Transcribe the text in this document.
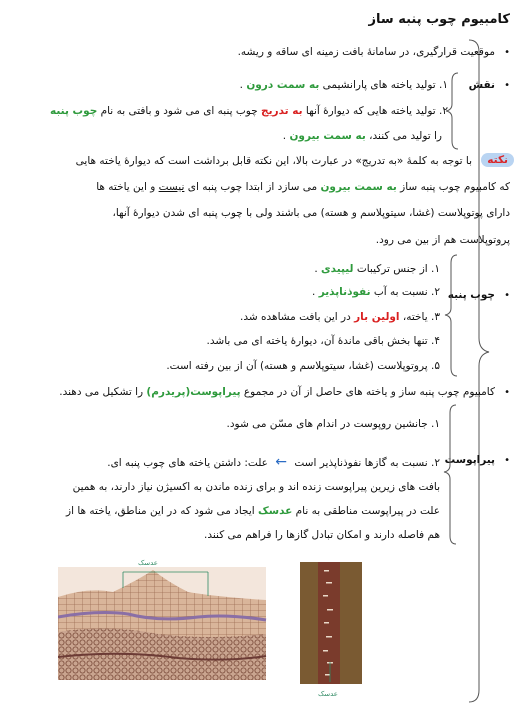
کامبیوم چوب پنبه ساز
•
موقعیت قرارگیری، در سامانهٔ بافت زمینه ای ساقه و ریشه.
•
نقش
١. تولید یاخته های پارانشیمی به سمت درون .
٢. تولید یاخته هایی که دیوارهٔ آنها به تدریج چوب پنبه ای می شود و بافتی به نام چوب پنبه
را تولید می کنند، به سمت بیرون .
نکته
با توجه به کلمهٔ «به تدریج» در عبارت بالا، این نکته قابل برداشت است که دیوارهٔ یاخته هایی
که کامبیوم چوب پنبه ساز به سمت بیرون می سازد از ابتدا چوب پنبه ای نیست و این یاخته ها
دارای پوتوپلاست (غشا، سیتوپلاسم و هسته) می باشند ولی با چوب پنبه ای شدن دیوارهٔ آنها،
پروتوپلاست هم از بین می رود.
•
چوب پنبه
١. از جنس ترکیبات لیپیدی .
٢. نسبت به آب نفوذناپذیر .
٣. یاخته، اولین بار در این بافت مشاهده شد.
۴. تنها بخش باقی ماندهٔ آن، دیوارهٔ یاخته ای می باشد.
۵. پروتوپلاست (غشا، سیتوپلاسم و هسته) آن از بین رفته است.
•
کامبیوم چوب پنبه ساز و یاخته های حاصل از آن در مجموع پیراپوست(پریدرم) را تشکیل می دهند.
•
پیراپوست
١. جانشین روپوست در اندام های مسّن می شود.
٢. نسبت به گازها نفوذناپذیر است ← علت: داشتن یاخته های چوب پنبه ای.
بافت های زیرین پیراپوست زنده اند و برای زنده ماندن به اکسیژن نیاز دارند، به همین
علت در پیراپوست مناطقی به نام عدسک ایجاد می شود که در این مناطق، یاخته ها از
هم فاصله دارند و امکان تبادل گازها را فراهم می کنند.
عدسک
عدسک
